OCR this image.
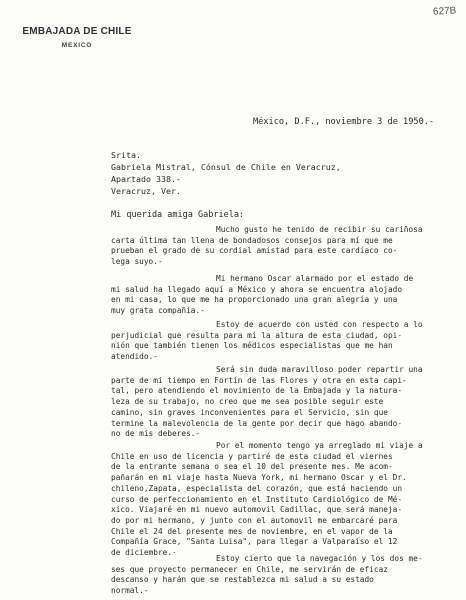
627B
EMBAJADA DE CHILE
MEXICO
México, D.F., noviembre 3 de 1950.-
Srita.
Gabriela Mistral, Cónsul de Chile en Veracruz,
Apartado 338.-
Veracruz, Ver.
Mi querida amiga Gabriela:
Mucho gusto he tenido de recibir su cariñosa
carta última tan llena de bondadosos consejos para mí que me
prueban el grado de su cordial amistad para este cardíaco co-
lega suyo.-
Mi hermano Oscar alarmado por el estado de
mi salud ha llegado aquí a México y ahora se encuentra alojado
en mi casa, lo que me ha proporcionado una gran alegría y una
muy grata compañía.-
Estoy de acuerdo con usted con respecto a lo
perjudicial que resulta para mí la altura de esta ciudad, opi-
nión que también tienen los médicos especialistas que me han
atendido.-
Será sin duda maravilloso poder repartir una
parte de mi tiempo en Fortín de las Flores y otra en esta capi-
tal, pero atendiendo el movimiento de la Embajada y la natura-
leza de su trabajo, no creo que me sea posible seguir este
camino, sin graves inconvenientes para el Servicio, sin que
termine la malevolencia de la gente por decir que hago abando-
no de mis deberes.-
Por el momento tengo ya arreglado mi viaje a
Chile en uso de licencia y partiré de esta ciudad el viernes
de la entrante semana o sea el 10 del presente mes. Me acom-
pañarán en mi viaje hasta Nueva York, mi hermano Oscar y el Dr.
chileno,Zapata, especialista del corazón, que está haciendo un
curso de perfeccionamiento en el Instituto Cardiológico de Mé-
xico. Viajaré en mi nuevo automovil Cadillac, que será maneja-
do por mi hermano, y junto con el automovil me embarcaré para
Chile el 24 del presente mes de noviembre, en el vapor de la
Compañía Grace, "Santa Luisa", para llegar a Valparaíso el 12
de diciembre.-
Estoy cierto que la navegación y los dos me-
ses que proyecto permanecer en Chile, me servirán de eficaz
descanso y harán que se restablezca mi salud a su estado
normal.-
